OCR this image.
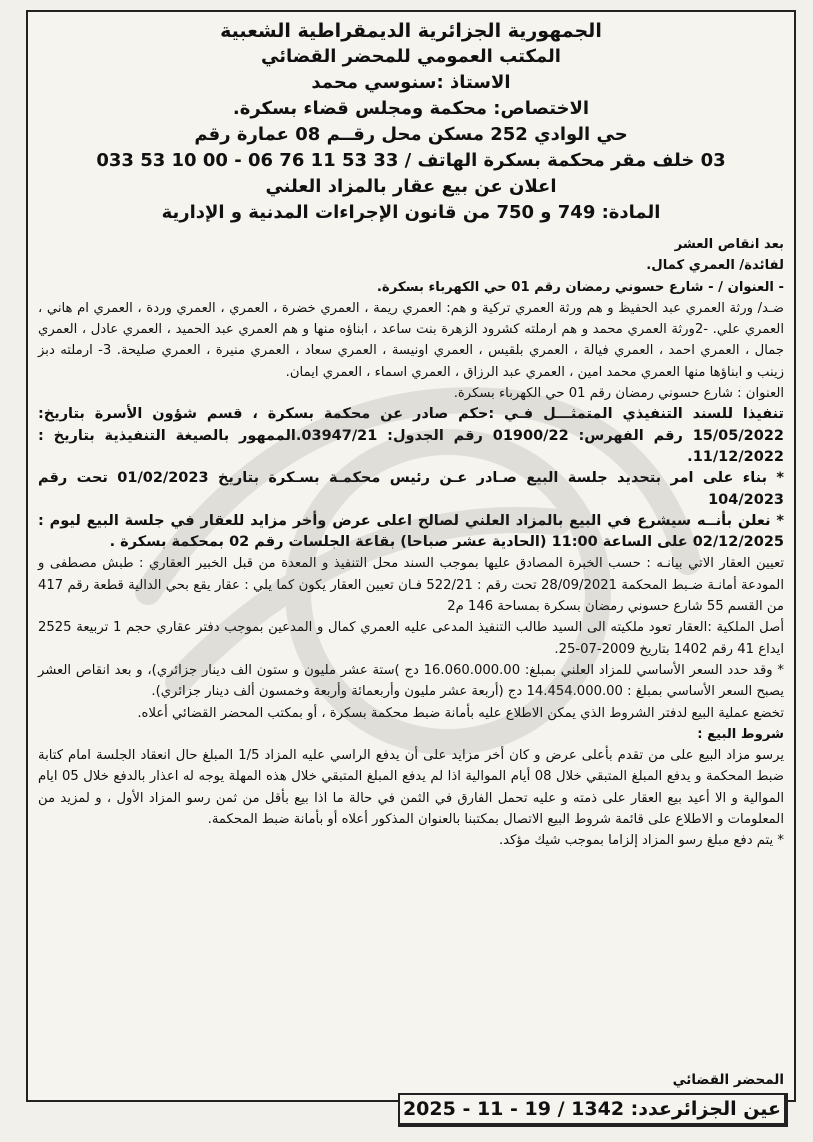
الجمهورية الجزائرية الديمقراطية الشعبية
المكتب العمومي للمحضر القضائي
الاستاذ :سنوسي محمد
الاختصاص: محكمة ومجلس قضاء بسكرة.
حي الوادي 252 مسكن محل رقــم 08 عمارة رقم
03 خلف مقر محكمة بسكرة الهاتف / 33 53 11 76 06 - 00 10 53 033
اعلان عن بيع عقار بالمزاد العلني
المادة: 749 و 750 من قانون الإجراءات المدنية و الإدارية

بعد انقاص العشر

لفائدة/ العمري كمال.

- العنوان / - شارع حسوني رمضان رقم 01 حي الكهرباء بسكرة.

ضـد/ ورثة العمري عبد الحفيظ و هم ورثة العمري تركية و هم: العمري ريمة ، العمري خضرة ، العمري ، العمري وردة ، العمري ام هاني ، العمري علي. -2ورثة العمري محمد و هم ارملته كشرود الزهرة بنت ساعد ، ابناؤه منها و هم العمري عبد الحميد ، العمري عادل ، العمري جمال ، العمري احمد ، العمري فيالة ، العمري بلقيس ، العمري اونيسة ، العمري سعاد ، العمري منيرة ، العمري صليحة. 3- ارملته دبز زينب و ابناؤها منها العمري محمد امين ، العمري عبد الرزاق ، العمري اسماء ، العمري ايمان.

العنوان : شارع حسوني رمضان رقم 01 حي الكهرباء بسكرة.

تنفيذا للسند التنفيذي المتمثـــل فـي :حكم صادر عن محكمة بسكرة ، قسم شؤون الأسرة بتاريخ: 15/05/2022 رقم الفهرس: 01900/22 رقم الجدول: 03947/21.الممهور بالصيغة التنفيذية بتاريخ : 11/12/2022.

* بناء على امر بتحديد جلسة البيع صـادر عـن رئيس محكمـة بسـكرة بتاريخ 01/02/2023 تحت رقم 104/2023

* نعلن بأنــه سيشرع في البيع بالمزاد العلني لصالح اعلى عرض وأخر مزايد للعقار في جلسة البيع ليوم : 02/12/2025 على الساعة 11:00 (الحادية عشر صباحا) بقاعة الجلسات رقم 02 بمحكمة بسكرة .

تعيين العقار الاتي بيانـه : حسب الخبرة المصادق عليها بموجب السند محل التنفيذ و المعدة من قبل الخبير العقاري : طبش مصطفى و المودعة أمانـة ضـبط المحكمة 28/09/2021 تحت رقم : 522/21 فـان تعيين العقار يكون كما يلي : عقار يقع بحي الدالية قطعة رقم 417 من القسم 55 شارع حسوني رمضان بسكرة بمساحة 146 م2

أصل الملكية :العقار تعود ملكيته الى السيد طالب التنفيذ المدعى عليه العمري كمال و المدعين بموجب دفتر عقاري حجم 1 تربيعة 2525 ايداع 41 رقم 1402 بتاريخ 2009-07-25.

* وقد حدد السعر الأساسي للمزاد العلني بمبلغ: 16.060.000.00 دج )ستة عشر مليون و ستون الف دينار جزائري)، و بعد انقاص العشر يصبح السعر الأساسي بمبلغ : 14.454.000.00 دج (أربعة عشر مليون وأربعمائة وأربعة وخمسون ألف دينار جزائري).

تخضع عملية البيع لدفتر الشروط الذي يمكن الاطلاع عليه بأمانة ضبط محكمة بسكرة ، أو بمكتب المحضر القضائي أعلاه.

شروط البيع :

يرسو مزاد البيع على من تقدم بأعلى عرض و كان أخر مزايد على أن يدفع الراسي عليه المزاد 1/5 المبلغ حال انعقاد الجلسة امام كتابة ضبط المحكمة و يدفع المبلغ المتبقي خلال 08 أيام الموالية اذا لم يدفع المبلغ المتبقي خلال هذه المهلة يوجه له اعذار بالدفع خلال 05 ايام الموالية و الا أعيد بيع العقار على ذمته و عليه تحمل الفارق في الثمن في حالة ما اذا بيع بأقل من ثمن رسو المزاد الأول ، و لمزيد من المعلومات و الاطلاع على قائمة شروط البيع الاتصال بمكتبنا بالعنوان المذكور أعلاه أو بأمانة ضبط المحكمة.

* يتم دفع مبلغ رسو المزاد إلزاما بموجب شيك مؤكد.

المحضر القضائي
عين الجزائرعدد: 1342 / 19 - 11 - 2025
